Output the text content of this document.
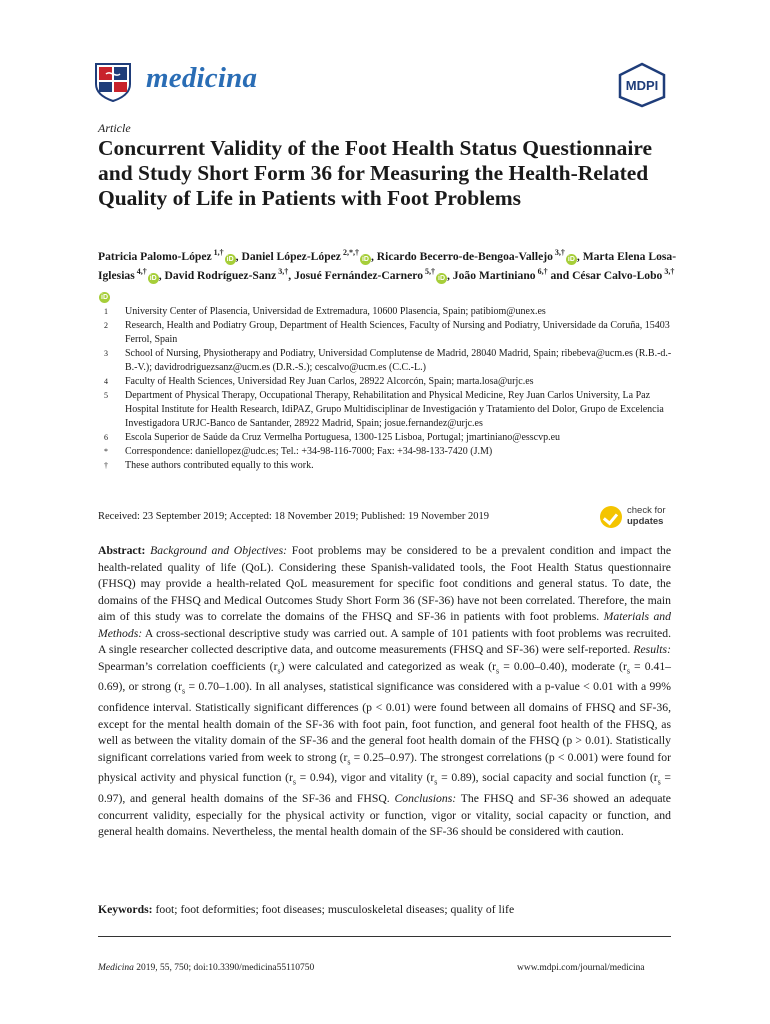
medicina	MDPI
Article
Concurrent Validity of the Foot Health Status Questionnaire and Study Short Form 36 for Measuring the Health-Related Quality of Life in Patients with Foot Problems
Patricia Palomo-López $^{1,\dagger}$iD , Daniel López-López $^{2,*,\dagger}$iD , Ricardo Becerro-de-Bengoa-Vallejo $^{3,\dagger}$iD , Marta Elena Losa-Iglesias $^{4,\dagger}$iD , David Rodríguez-Sanz $^{3,\dagger}$, Josué Fernández-Carnero $^{5,\dagger}$iD , João Martiniano $^{6,\dagger}$ and César Calvo-Lobo $^{3,\dagger}$iD
1	University Center of Plasencia, Universidad de Extremadura, 10600 Plasencia, Spain; patibiom@unex.es
2	Research, Health and Podiatry Group, Department of Health Sciences, Faculty of Nursing and Podiatry, Universidade da Coruña, 15403 Ferrol, Spain
3	School of Nursing, Physiotherapy and Podiatry, Universidad Complutense de Madrid, 28040 Madrid, Spain; ribebeva@ucm.es (R.B.-d.-B.-V.); davidrodriguezsanz@ucm.es (D.R.-S.); cescalvo@ucm.es (C.C.-L.)
4	Faculty of Health Sciences, Universidad Rey Juan Carlos, 28922 Alcorcón, Spain; marta.losa@urjc.es
5	Department of Physical Therapy, Occupational Therapy, Rehabilitation and Physical Medicine, Rey Juan Carlos University, La Paz Hospital Institute for Health Research, IdiPAZ, Grupo Multidisciplinar de Investigación y Tratamiento del Dolor, Grupo de Excelencia Investigadora URJC-Banco de Santander, 28922 Madrid, Spain; josue.fernandez@urjc.es
6	Escola Superior de Saúde da Cruz Vermelha Portuguesa, 1300-125 Lisboa, Portugal; jmartiniano@esscvp.eu
*	Correspondence: daniellopez@udc.es; Tel.: +34-98-116-7000; Fax: +34-98-133-7420 (J.M)
†	These authors contributed equally to this work.
Received: 23 September 2019; Accepted: 18 November 2019; Published: 19 November 2019
check for
updates
Abstract: Background and Objectives: Foot problems may be considered to be a prevalent condition and impact the health-related quality of life (QoL). Considering these Spanish-validated tools, the Foot Health Status questionnaire (FHSQ) may provide a health-related QoL measurement for specific foot conditions and general status. To date, the domains of the FHSQ and Medical Outcomes Study Short Form 36 (SF-36) have not been correlated. Therefore, the main aim of this study was to correlate the domains of the FHSQ and SF-36 in patients with foot problems. Materials and Methods: A cross-sectional descriptive study was carried out. A sample of 101 patients with foot problems was recruited. A single researcher collected descriptive data, and outcome measurements (FHSQ and SF-36) were self-reported. Results: Spearman’s correlation coefficients $(r_s)$ were calculated and categorized as weak $(r_s = 0.00-0.40)$, moderate $(r_s = 0.41-0.69)$, or strong $(r_s = 0.70-1.00)$. In all analyses, statistical significance was considered with a p-value < 0.01 with a 99% confidence interval. Statistically significant differences (p < 0.01) were found between all domains of FHSQ and SF-36, except for the mental health domain of the SF-36 with foot pain, foot function, and general foot health of the FHSQ, as well as between the vitality domain of the SF-36 and the general foot health domain of the FHSQ (p > 0.01). Statistically significant correlations varied from week to strong $(r_s = 0.25-0.97)$. The strongest correlations (p < 0.001) were found for physical activity and physical function $(r_s = 0.94)$, vigor and vitality $(r_s = 0.89)$, social capacity and social function $(r_s = 0.97)$, and general health domains of the SF-36 and FHSQ. Conclusions: The FHSQ and SF-36 showed an adequate concurrent validity, especially for the physical activity or function, vigor or vitality, social capacity or function, and general health domains. Nevertheless, the mental health domain of the SF-36 should be considered with caution.
Keywords: foot; foot deformities; foot diseases; musculoskeletal diseases; quality of life
Medicina 2019, 55, 750; doi:10.3390/medicina55110750	www.mdpi.com/journal/medicina
